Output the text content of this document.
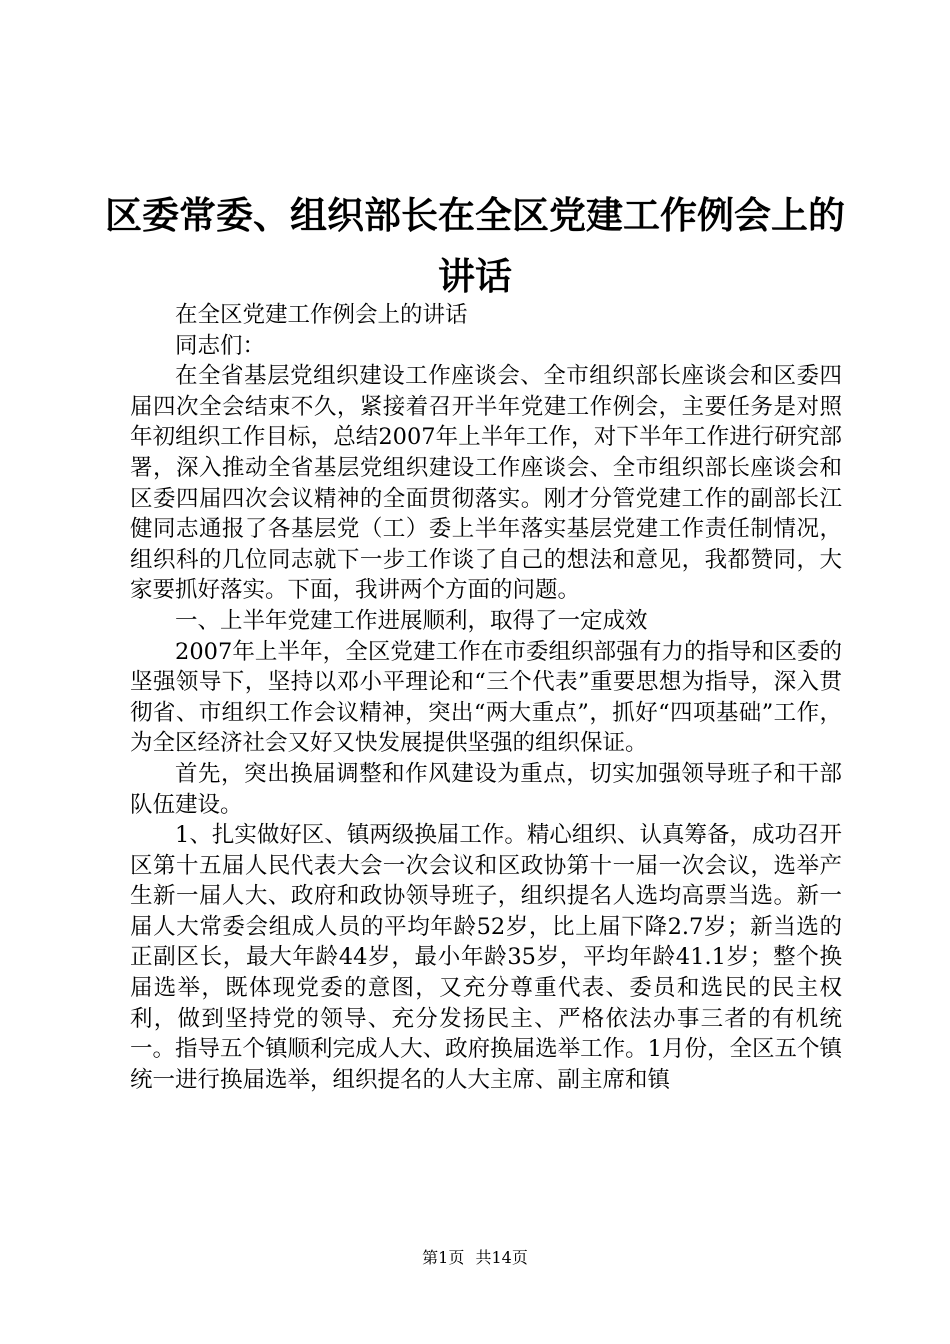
区委常委、组织部长在全区党建工作例会上的讲话

在全区党建工作例会上的讲话

同志们：

在全省基层党组织建设工作座谈会、全市组织部长座谈会和区委四届四次全会结束不久，紧接着召开半年党建工作例会，主要任务是对照年初组织工作目标，总结2007年上半年工作，对下半年工作进行研究部署，深入推动全省基层党组织建设工作座谈会、全市组织部长座谈会和区委四届四次会议精神的全面贯彻落实。刚才分管党建工作的副部长江健同志通报了各基层党（工）委上半年落实基层党建工作责任制情况，组织科的几位同志就下一步工作谈了自己的想法和意见，我都赞同，大家要抓好落实。下面，我讲两个方面的问题。

一、上半年党建工作进展顺利，取得了一定成效

2007年上半年，全区党建工作在市委组织部强有力的指导和区委的坚强领导下，坚持以邓小平理论和“三个代表”重要思想为指导，深入贯彻省、市组织工作会议精神，突出“两大重点”，抓好“四项基础”工作，为全区经济社会又好又快发展提供坚强的组织保证。

首先，突出换届调整和作风建设为重点，切实加强领导班子和干部队伍建设。

1、扎实做好区、镇两级换届工作。精心组织、认真筹备，成功召开区第十五届人民代表大会一次会议和区政协第十一届一次会议，选举产生新一届人大、政府和政协领导班子，组织提名人选均高票当选。新一届人大常委会组成人员的平均年龄52岁，比上届下降2.7岁；新当选的正副区长，最大年龄44岁，最小年龄35岁，平均年龄41.1岁；整个换届选举，既体现党委的意图，又充分尊重代表、委员和选民的民主权利，做到坚持党的领导、充分发扬民主、严格依法办事三者的有机统一。指导五个镇顺利完成人大、政府换届选举工作。1月份，全区五个镇统一进行换届选举，组织提名的人大主席、副主席和镇

第1页 共14页
